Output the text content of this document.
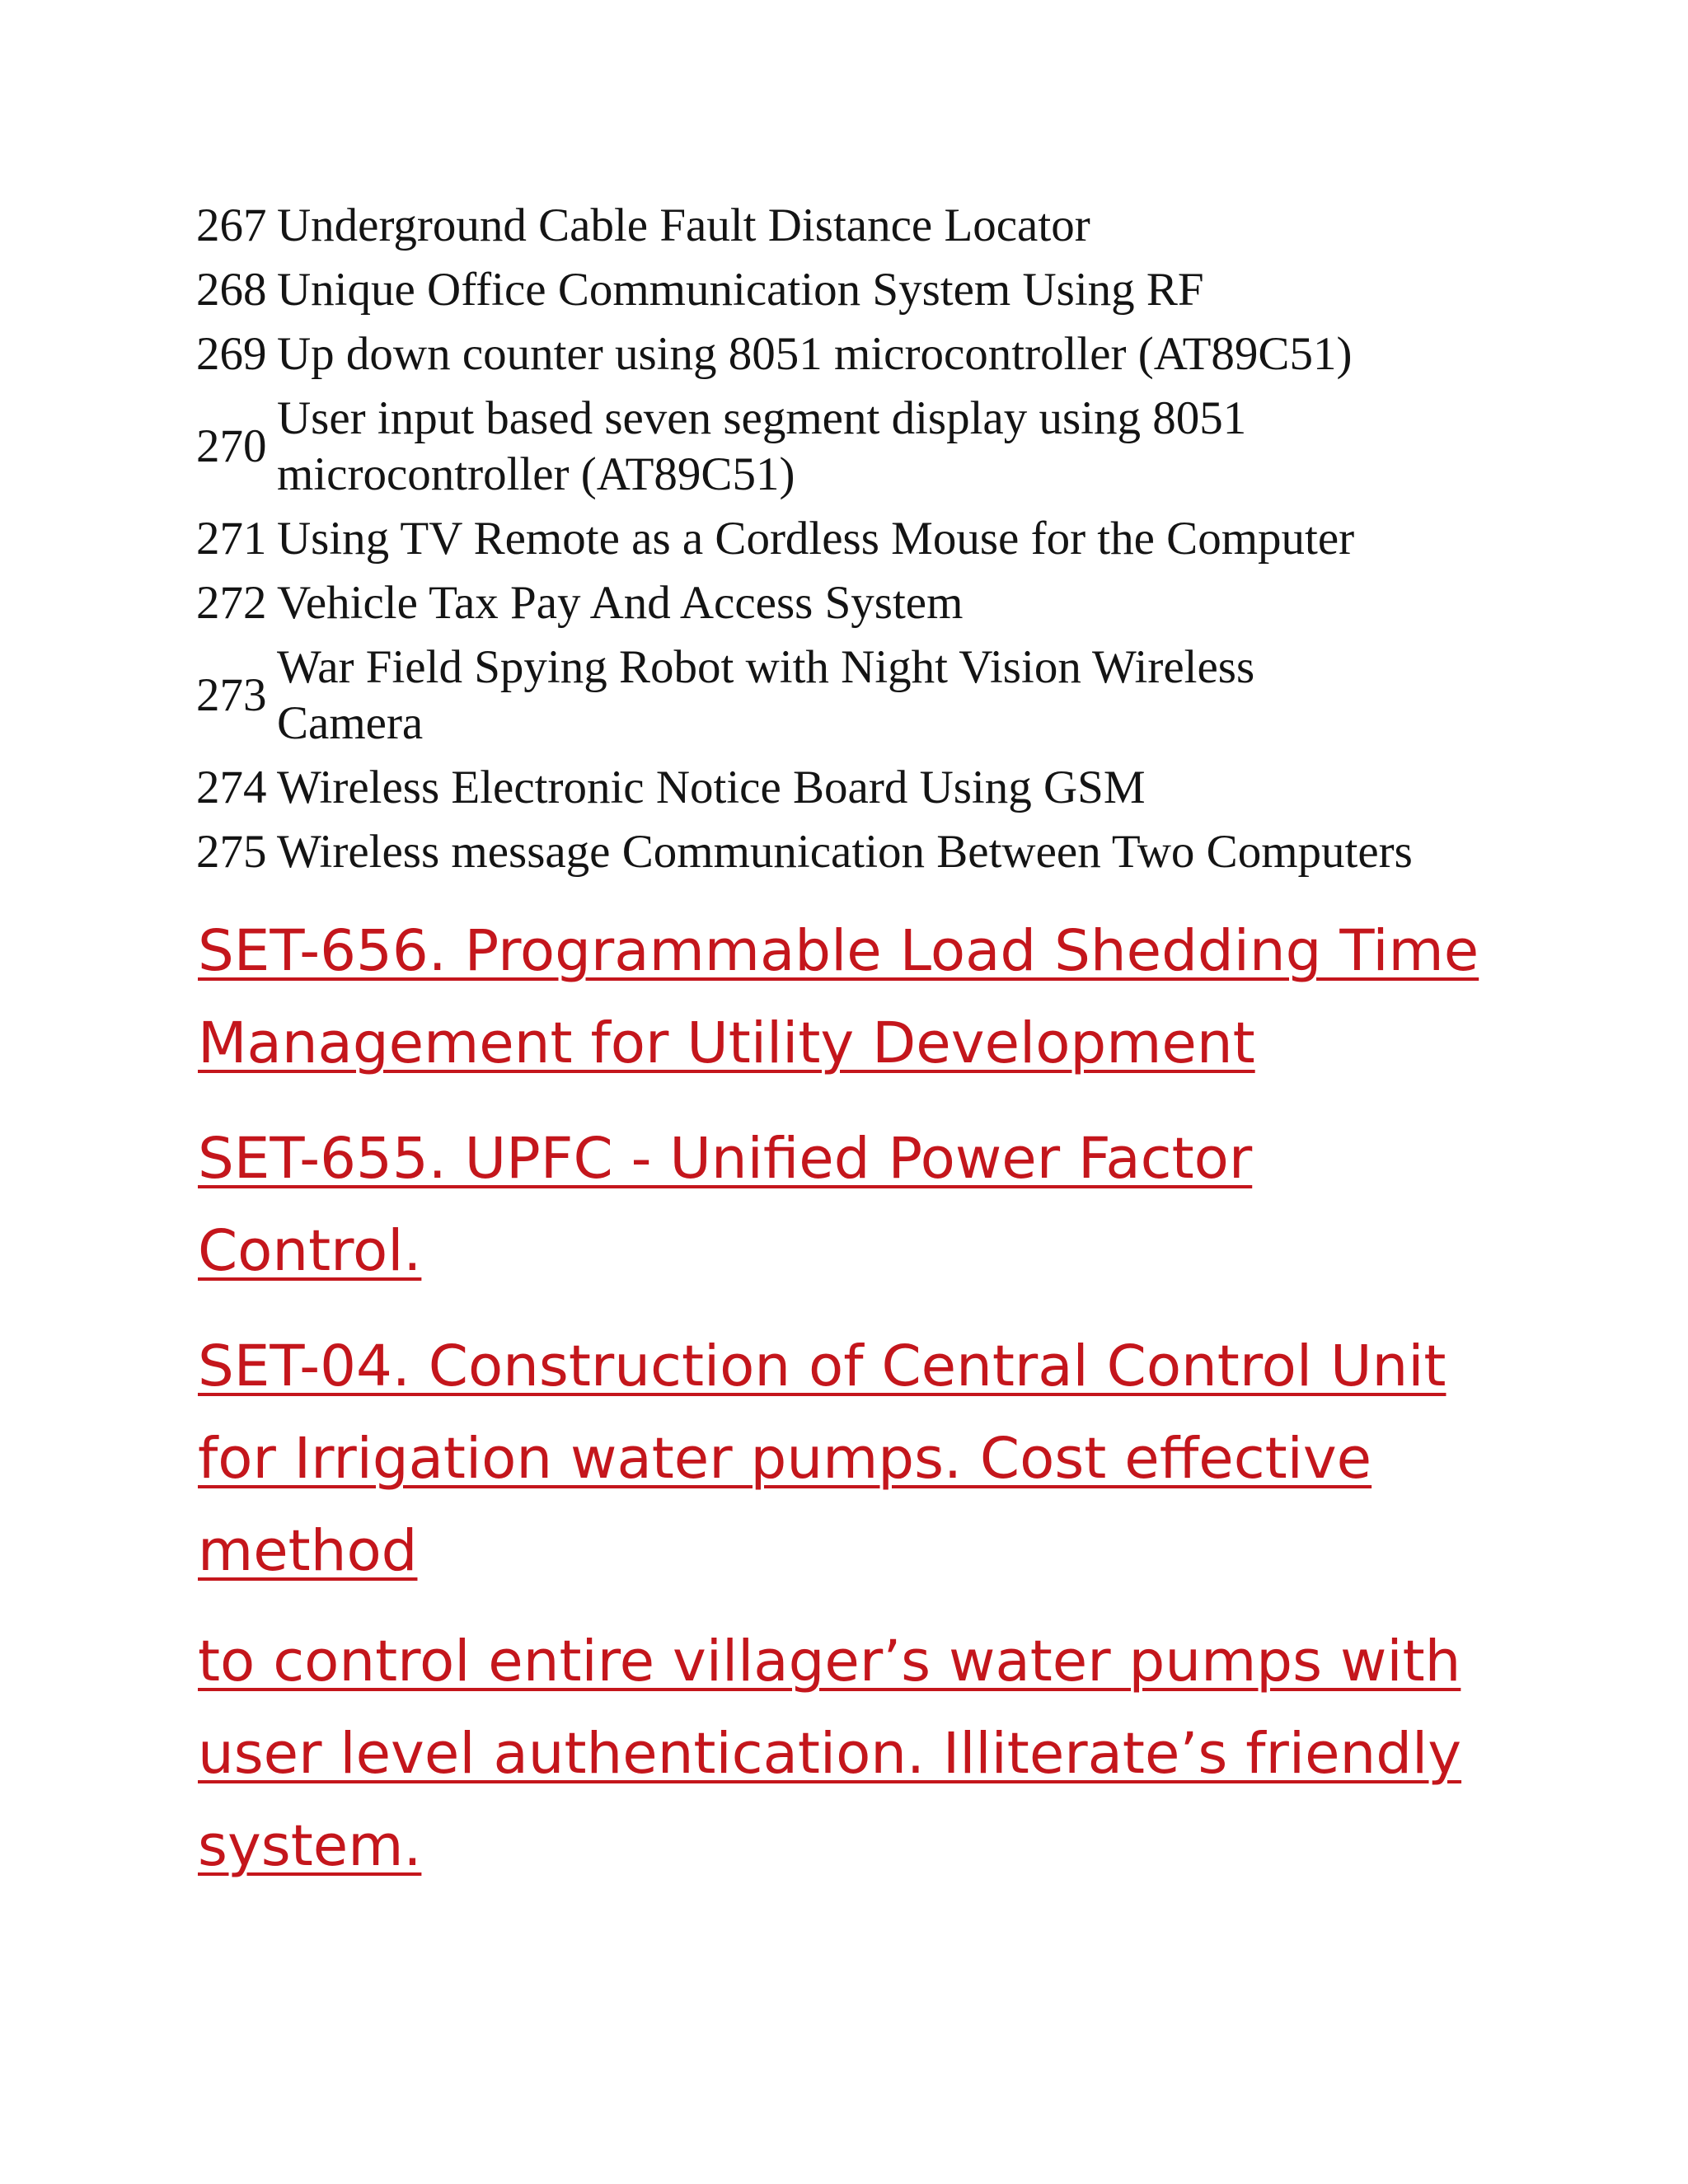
267 Underground Cable Fault Distance Locator
268 Unique Office Communication System Using RF
269 Up down counter using 8051 microcontroller (AT89C51)
270
User input based seven segment display using 8051 microcontroller (AT89C51)
271 Using TV Remote as a Cordless Mouse for the Computer
272 Vehicle Tax Pay And Access System
273
War Field Spying Robot with Night Vision Wireless Camera
274 Wireless Electronic Notice Board Using GSM
275 Wireless message Communication Between Two Computers
SET-656. Programmable Load Shedding Time Management for Utility Development
SET-655. UPFC - Unified Power Factor Control.
SET-04. Construction of Central Control Unit for Irrigation water pumps. Cost effective method
to control entire villager’s water pumps with user level authentication. Illiterate’s friendly system.
